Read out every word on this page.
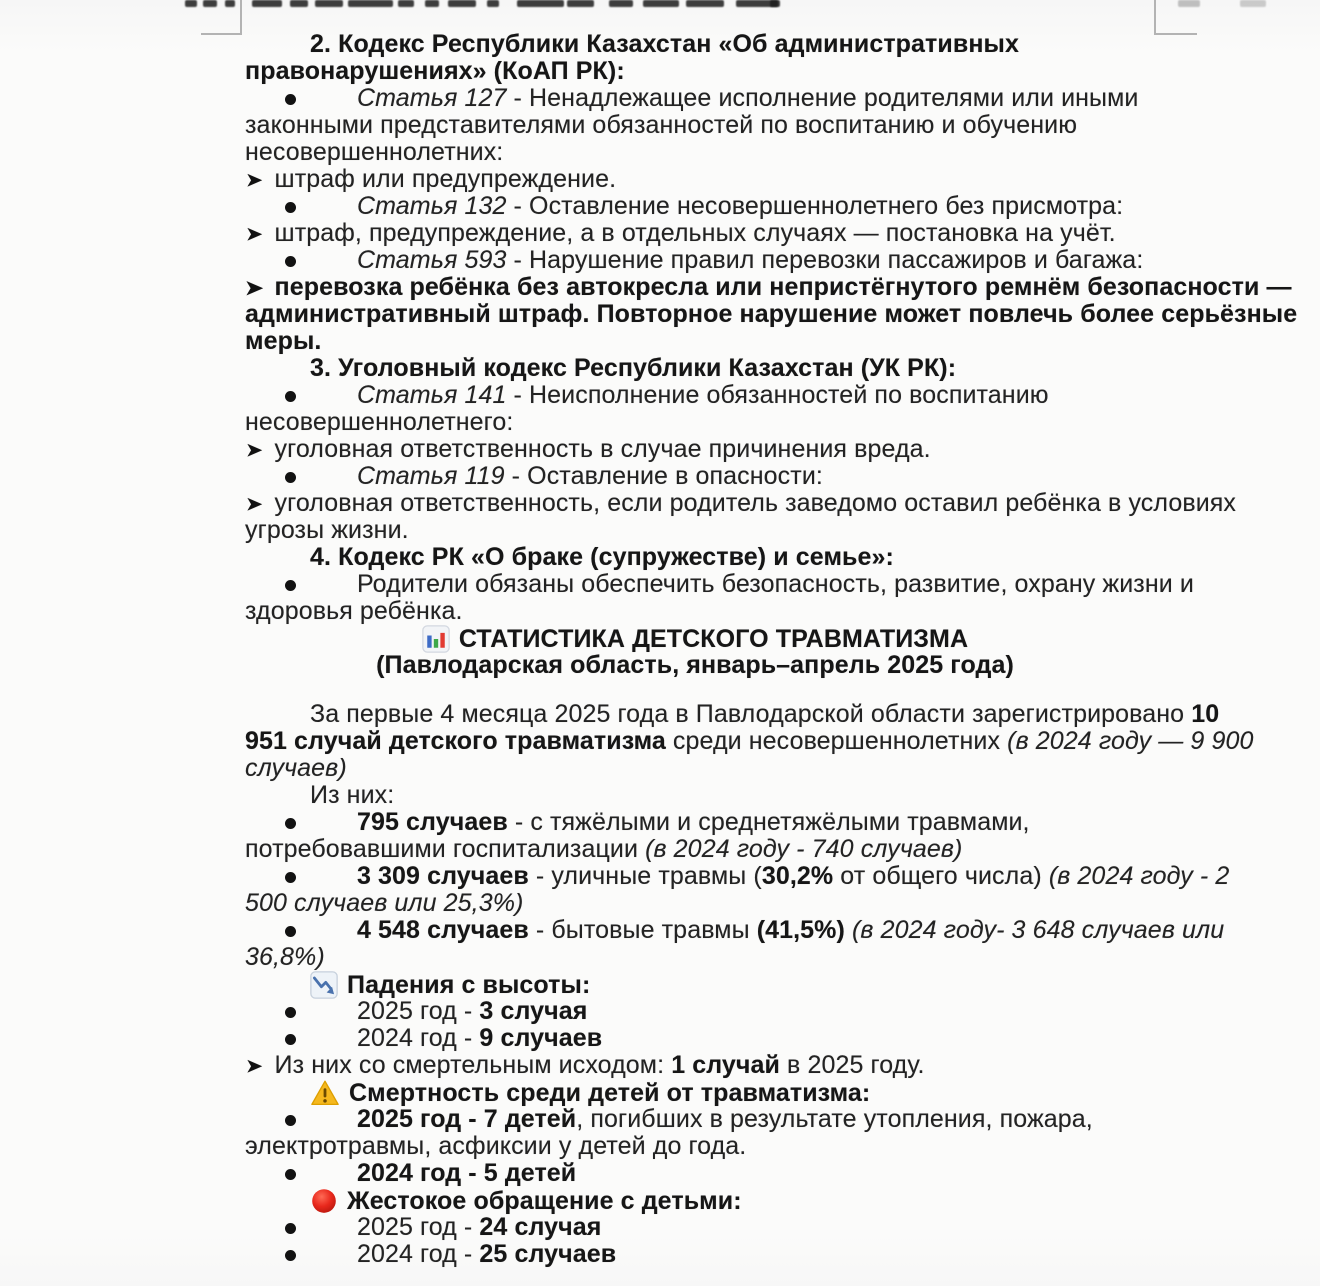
2. Кодекс Республики Казахстан «Об административных
правонарушениях» (КоАП РК):
Статья 127 - Ненадлежащее исполнение родителями или иными
законными представителями обязанностей по воспитанию и обучению
несовершеннолетних:
➤ штраф или предупреждение.
Статья 132 - Оставление несовершеннолетнего без присмотра:
➤ штраф, предупреждение, а в отдельных случаях — постановка на учёт.
Статья 593 - Нарушение правил перевозки пассажиров и багажа:
➤ перевозка ребёнка без автокресла или непристёгнутого ремнём безопасности —
административный штраф. Повторное нарушение может повлечь более серьёзные
меры.
3. Уголовный кодекс Республики Казахстан (УК РК):
Статья 141 - Неисполнение обязанностей по воспитанию
несовершеннолетнего:
➤ уголовная ответственность в случае причинения вреда.
Статья 119 - Оставление в опасности:
➤ уголовная ответственность, если родитель заведомо оставил ребёнка в условиях
угрозы жизни.
4. Кодекс РК «О браке (супружестве) и семье»:
Родители обязаны обеспечить безопасность, развитие, охрану жизни и
здоровья ребёнка.
СТАТИСТИКА ДЕТСКОГО ТРАВМАТИЗМА
(Павлодарская область, январь–апрель 2025 года)
За первые 4 месяца 2025 года в Павлодарской области зарегистрировано 10
951 случай детского травматизма среди несовершеннолетних (в 2024 году — 9 900
случаев)
Из них:
795 случаев - с тяжёлыми и среднетяжёлыми травмами,
потребовавшими госпитализации (в 2024 году - 740 случаев)
3 309 случаев - уличные травмы (30,2% от общего числа) (в 2024 году - 2
500 случаев или 25,3%)
4 548 случаев - бытовые травмы (41,5%) (в 2024 году- 3 648 случаев или
36,8%)
Падения с высоты:
2025 год - 3 случая
2024 год - 9 случаев
➤ Из них со смертельным исходом: 1 случай в 2025 году.
Смертность среди детей от травматизма:
2025 год - 7 детей, погибших в результате утопления, пожара,
электротравмы, асфиксии у детей до года.
2024 год - 5 детей
Жестокое обращение с детьми:
2025 год - 24 случая
2024 год - 25 случаев
